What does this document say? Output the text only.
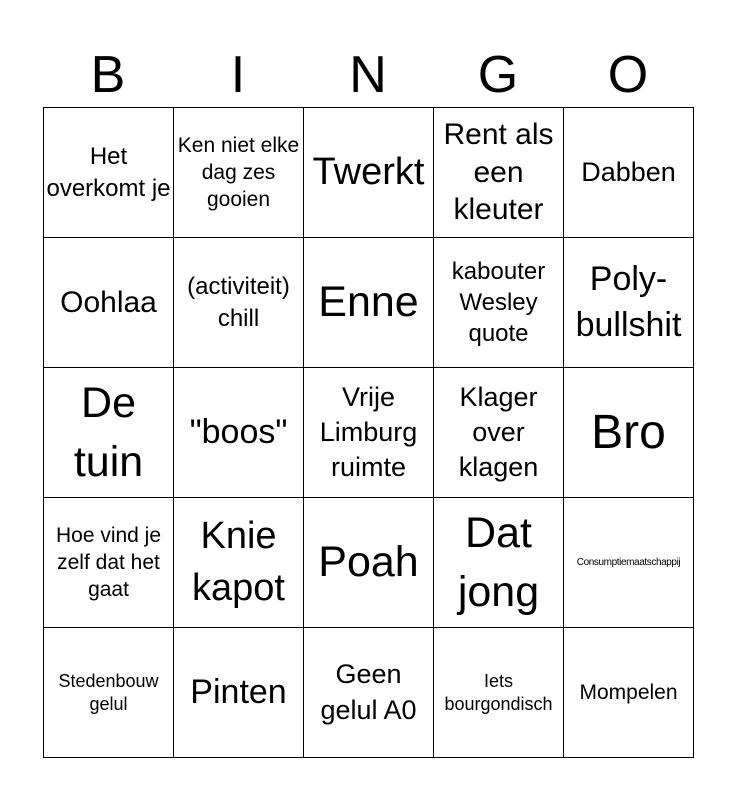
B	I	N	G	O
Het overkomt je	Ken niet elke dag zes gooien	Twerkt	Rent als een kleuter	Dabben
Oohlaa	(activiteit) chill	Enne	kabouter Wesley quote	Poly-bullshit
De tuin	"boos"	Vrije Limburg ruimte	Klager over klagen	Bro
Hoe vind je zelf dat het gaat	Knie kapot	Poah	Dat jong	Consumptiemaatschappij
Stedenbouw gelul	Pinten	Geen gelul A0	Iets bourgondisch	Mompelen
